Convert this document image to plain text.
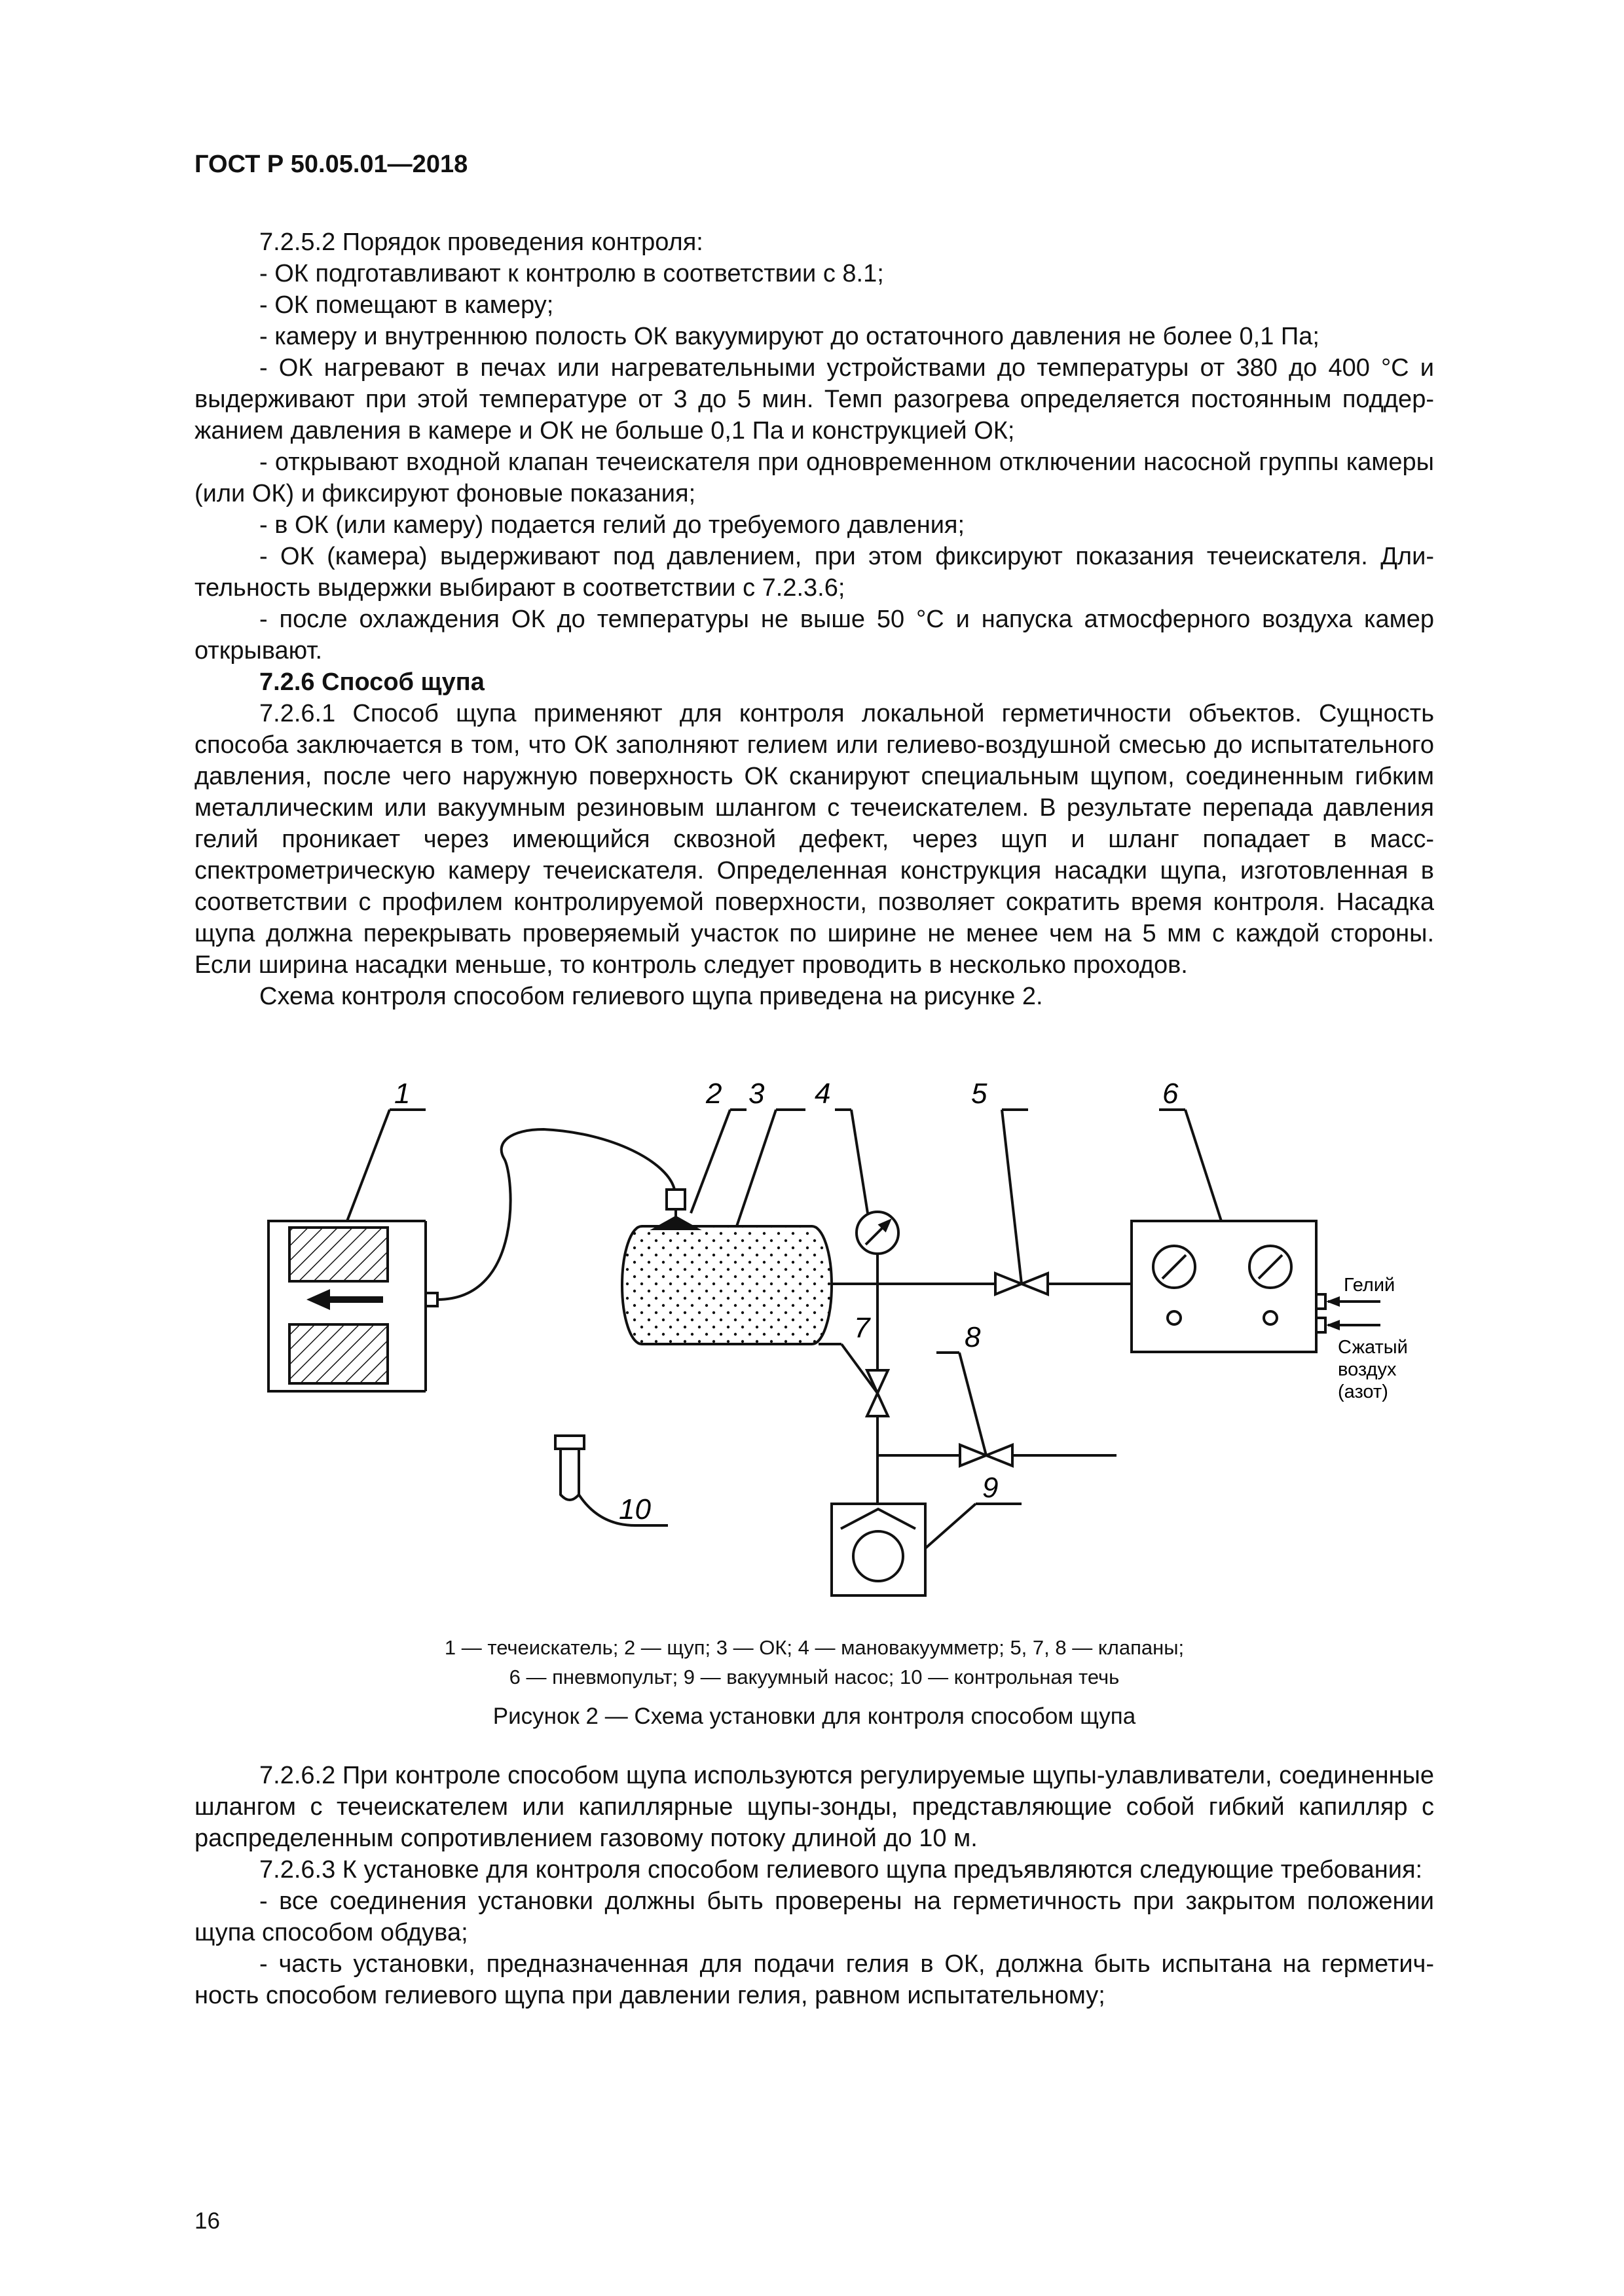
ГОСТ Р 50.05.01—2018

7.2.5.2 Порядок проведения контроля:

- ОК подготавливают к контролю в соответствии с 8.1;

- ОК помещают в камеру;

- камеру и внутреннюю полость ОК вакуумируют до остаточного давления не более 0,1 Па;

- ОК нагревают в печах или нагревательными устройствами до температуры от 380 до 400 °С и выдерживают при этой температуре от 3 до 5 мин. Темп разогрева определяется постоянным поддержанием давления в камере и ОК не больше 0,1 Па и конструкцией ОК;

- открывают входной клапан течеискателя при одновременном отключении насосной группы камеры (или ОК) и фиксируют фоновые показания;

- в ОК (или камеру) подается гелий до требуемого давления;

- ОК (камера) выдерживают под давлением, при этом фиксируют показания течеискателя. Длительность выдержки выбирают в соответствии с 7.2.3.6;

- после охлаждения ОК до температуры не выше 50 °С и напуска атмосферного воздуха камер открывают.

7.2.6 Способ щупа

7.2.6.1 Способ щупа применяют для контроля локальной герметичности объектов. Сущность способа заключается в том, что ОК заполняют гелием или гелиево-воздушной смесью до испытательного давления, после чего наружную поверхность ОК сканируют специальным щупом, соединенным гибким металлическим или вакуумным резиновым шлангом с течеискателем. В результате перепада давления гелий проникает через имеющийся сквозной дефект, через щуп и шланг попадает в массспектрометрическую камеру течеискателя. Определенная конструкция насадки щупа, изготовленная в соответствии с профилем контролируемой поверхности, позволяет сократить время контроля. Насадка щупа должна перекрывать проверяемый участок по ширине не менее чем на 5 мм с каждой стороны. Если ширина насадки меньше, то контроль следует проводить в несколько проходов.

Схема контроля способом гелиевого щупа приведена на рисунке 2.

1	2 3 4	5	6
7	8
9
10
Гелий
Сжатый
воздух
(азот)
1 — течеискатель; 2 — щуп; 3 — ОК; 4 — мановакуумметр; 5, 7, 8 — клапаны;
6 — пневмопульт; 9 — вакуумный насос; 10 — контрольная течь
Рисунок 2 — Схема установки для контроля способом щупа

7.2.6.2 При контроле способом щупа используются регулируемые щупы-улавливатели, соединенные шлангом с течеискателем или капиллярные щупы-зонды, представляющие собой гибкий капилляр с распределенным сопротивлением газовому потоку длиной до 10 м.

7.2.6.3 К установке для контроля способом гелиевого щупа предъявляются следующие требования:

- все соединения установки должны быть проверены на герметичность при закрытом положении щупа способом обдува;

- часть установки, предназначенная для подачи гелия в ОК, должна быть испытана на герметичность способом гелиевого щупа при давлении гелия, равном испытательному;

16
